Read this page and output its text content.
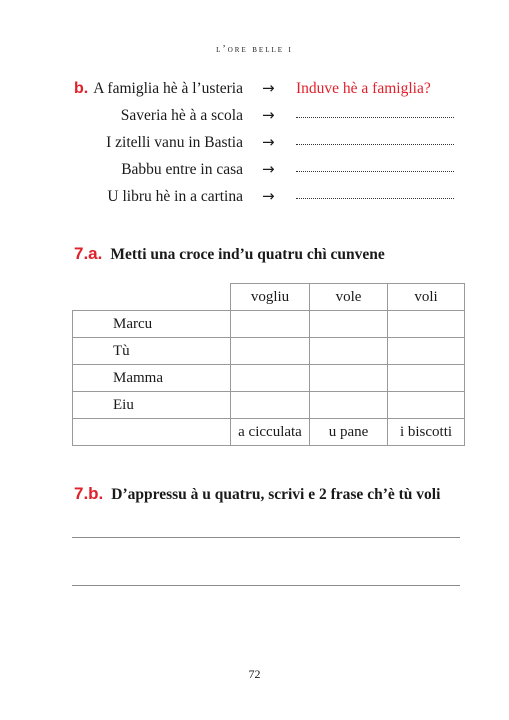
l’ore belle i
b. A famiglia hè à l’usteria → Induve hè a famiglia?
Saveria hè à a scola →
I zitelli vanu in Bastia →
Babbu entre in casa →
U libru hè in a cartina →
7.a. Metti una croce ind’u quatru chì cunvene
	vogliu	vole	voli
Marcu			
Tù			
Mamma			
Eiu			
	a cicculata	u pane	i biscotti
7.b. D’appressu à u quatru, scrivi e 2 frase ch’è tù voli
72
